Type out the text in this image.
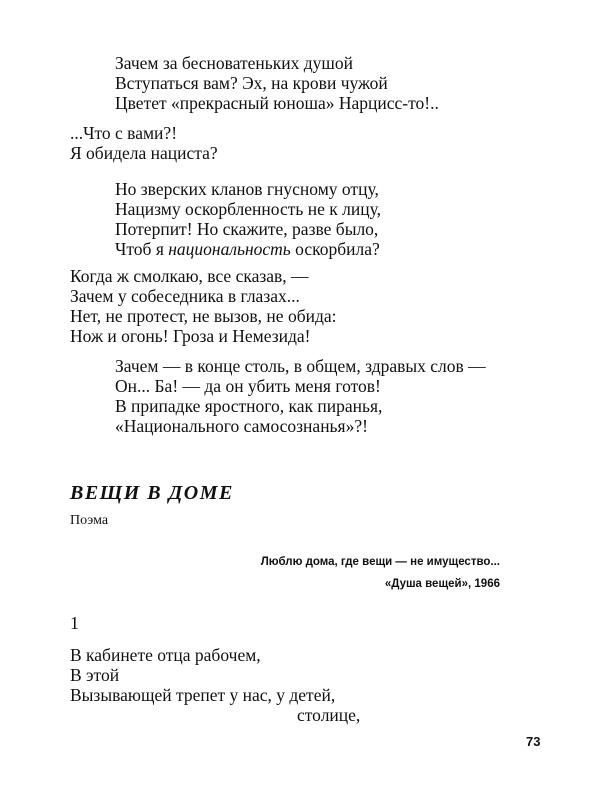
Зачем за бесноватеньких душой
Вступаться вам? Эх, на крови чужой
Цветет «прекрасный юноша» Нарцисс-то!..
...Что с вами?!
Я обидела нациста?
Но зверских кланов гнусному отцу,
Нацизму оскорбленность не к лицу,
Потерпит! Но скажите, разве было,
Чтоб я национальность оскорбила?
Когда ж смолкаю, все сказав, —
Зачем у собеседника в глазах...
Нет, не протест, не вызов, не обида:
Нож и огонь! Гроза и Немезида!
Зачем — в конце столь, в общем, здравых слов —
Он... Ба! — да он убить меня готов!
В припадке яростного, как пиранья,
«Национального самосознанья»?!
ВЕЩИ В ДОМЕ

Поэма

Люблю дома, где вещи — не имущество...

«Душа вещей», 1966

1

В кабинете отца рабочем,
В этой
Вызывающей трепет у нас, у детей,
столице,

73
